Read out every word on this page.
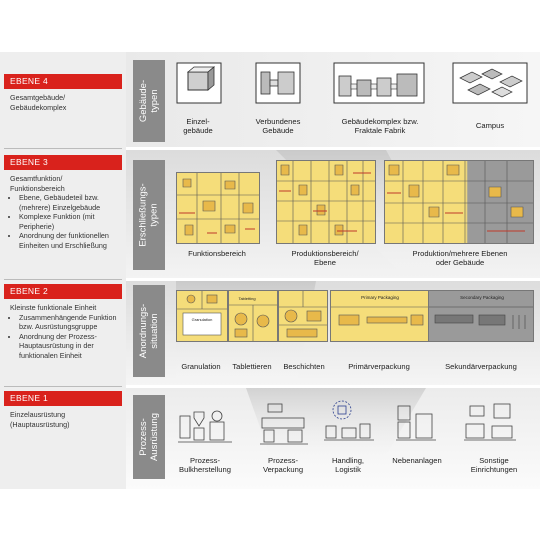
EBENE 4
Gesamtgebäude/
Gebäudekomplex
EBENE 3
Gesamtfunktion/
Funktionsbereich
• Ebene, Gebäudeteil bzw. (mehrere) Einzelgebäude
• Komplexe Funktion (mit Peripherie)
• Anordnung der funktionellen Einheiten und Erschließung
EBENE 2
Kleinste funktionale Einheit
• Zusammenhängende Funktion bzw. Ausrüstungsgruppe
• Anordnung der Prozess-Hauptausrüstung in der funktionalen Einheit
EBENE 1
Einzelausrüstung
(Hauptausrüstung)
Gebäude-
typen
Erschließungs-
typen
Anordnungs-
situation
Prozess-
Ausrüstung
Einzel-
gebäude
Verbundenes
Gebäude
Gebäudekomplex bzw.
Fraktale Fabrik
Campus
Funktionsbereich	Produktionsbereich/
Ebene
Produktion/mehrere Ebenen
oder Gebäude
Granulation
Tabletting	Primary Packaging	Secondary Packaging
Granulation	Tablettieren	Beschichten	Primärverpackung	Sekundärverpackung
Prozess-
Bulkherstellung
Prozess-
Verpackung
Handling,
Logistik
Nebenanlagen	Sonstige
Einrichtungen
